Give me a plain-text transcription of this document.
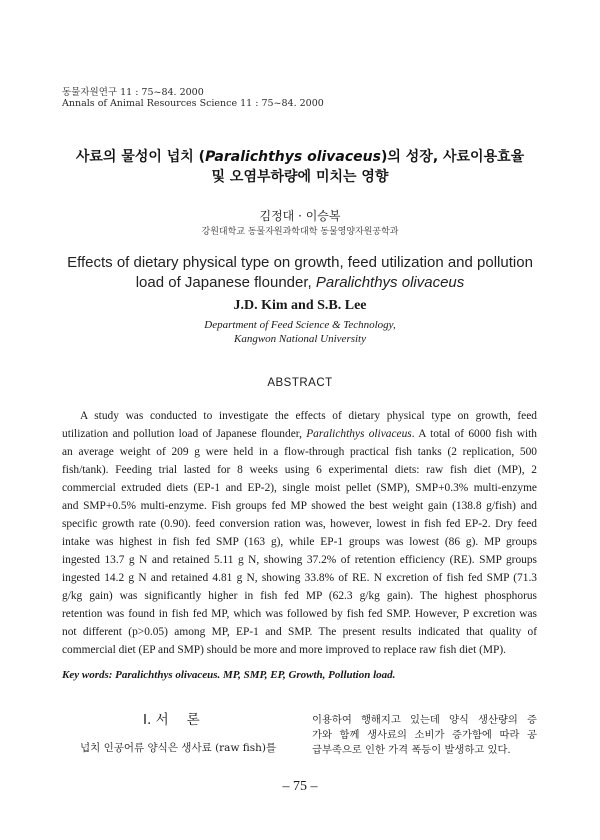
동물자원연구 11 : 75~84. 2000
Annals of Animal Resources Science 11 : 75~84. 2000
사료의 물성이 넙치 (Paralichthys olivaceus)의 성장, 사료이용효율
및 오염부하량에 미치는 영향
김정대 · 이승복
강원대학교 동물자원과학대학 동물영양자원공학과
Effects of dietary physical type on growth, feed utilization and pollution
load of Japanese flounder, Paralichthys olivaceus
J.D. Kim and S.B. Lee
Department of Feed Science & Technology,
Kangwon National University
ABSTRACT
A study was conducted to investigate the effects of dietary physical type on growth, feed
utilization and pollution load of Japanese flounder, Paralichthys olivaceus. A total of 6000 fish with
an average weight of 209 g were held in a flow-through practical fish tanks (2 replication, 500
fish/tank). Feeding trial lasted for 8 weeks using 6 experimental diets: raw fish diet (MP), 2
commercial extruded diets (EP-1 and EP-2), single moist pellet (SMP), SMP+0.3% multi-enzyme
and SMP+0.5% multi-enzyme. Fish groups fed MP showed the best weight gain (138.8 g/fish) and
specific growth rate (0.90). feed conversion ration was, however, lowest in fish fed EP-2. Dry feed
intake was highest in fish fed SMP (163 g), while EP-1 groups was lowest (86 g). MP groups
ingested 13.7 g N and retained 5.11 g N, showing 37.2% of retention efficiency (RE). SMP groups
ingested 14.2 g N and retained 4.81 g N, showing 33.8% of RE. N excretion of fish fed SMP (71.3
g/kg gain) was significantly higher in fish fed MP (62.3 g/kg gain). The highest phosphorus
retention was found in fish fed MP, which was followed by fish fed SMP. However, P excretion was
not different (p>0.05) among MP, EP-1 and SMP. The present results indicated that quality of
commercial diet (EP and SMP) should be more and more improved to replace raw fish diet (MP).
Key words: Paralichthys olivaceus. MP, SMP, EP, Growth, Pollution load.
I. 서 론
넙치 인공어류 양식은 생사료 (raw fish)를
이용하여 행해지고 있는데 양식 생산량의 증
가와 함께 생사료의 소비가 증가함에 따라 공
급부족으로 인한 가격 폭등이 발생하고 있다.
– 75 –
